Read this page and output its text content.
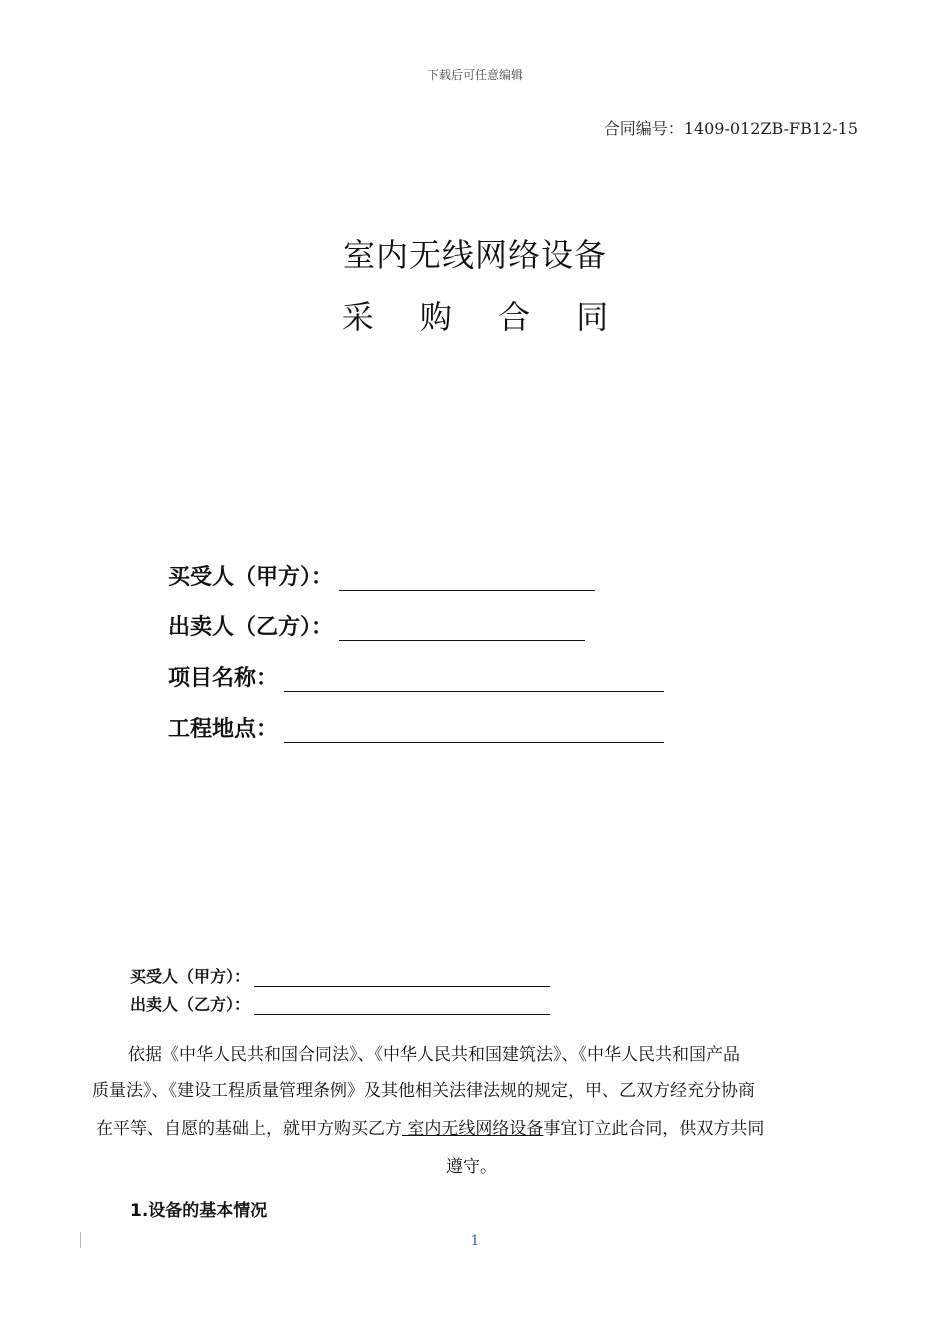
下载后可任意编辑
合同编号：1409-012ZB-FB12-15
室内无线网络设备
采 购 合 同
买受人（甲方）：
出卖人（乙方）：
项目名称：
工程地点：
买受人（甲方）：
出卖人（乙方）：
依据《中华人民共和国合同法》、《中华人民共和国建筑法》、《中华人民共和国产品
质量法》、《建设工程质量管理条例》及其他相关法律法规的规定，甲、乙双方经充分协商
在平等、自愿的基础上，就甲方购买乙方 室内无线网络设备事宜订立此合同，供双方共同
遵守。
1.设备的基本情况
1
